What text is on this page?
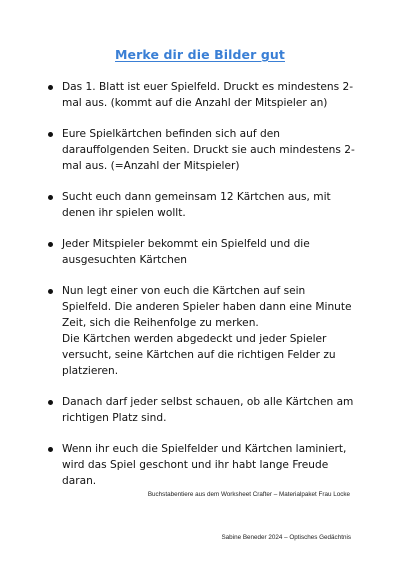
Merke dir die Bilder gut
Das 1. Blatt ist euer Spielfeld. Druckt es mindestens 2-
mal aus. (kommt auf die Anzahl der Mitspieler an)
Eure Spielkärtchen befinden sich auf den
darauffolgenden Seiten. Druckt sie auch mindestens 2-
mal aus. (=Anzahl der Mitspieler)
Sucht euch dann gemeinsam 12 Kärtchen aus, mit
denen ihr spielen wollt.
Jeder Mitspieler bekommt ein Spielfeld und die
ausgesuchten Kärtchen
Nun legt einer von euch die Kärtchen auf sein
Spielfeld. Die anderen Spieler haben dann eine Minute
Zeit, sich die Reihenfolge zu merken.
Die Kärtchen werden abgedeckt und jeder Spieler
versucht, seine Kärtchen auf die richtigen Felder zu
platzieren.
Danach darf jeder selbst schauen, ob alle Kärtchen am
richtigen Platz sind.
Wenn ihr euch die Spielfelder und Kärtchen laminiert,
wird das Spiel geschont und ihr habt lange Freude
daran.
Buchstabentiere aus dem Worksheet Crafter – Materialpaket Frau Locke
Sabine Beneder 2024 – Optisches Gedächtnis
